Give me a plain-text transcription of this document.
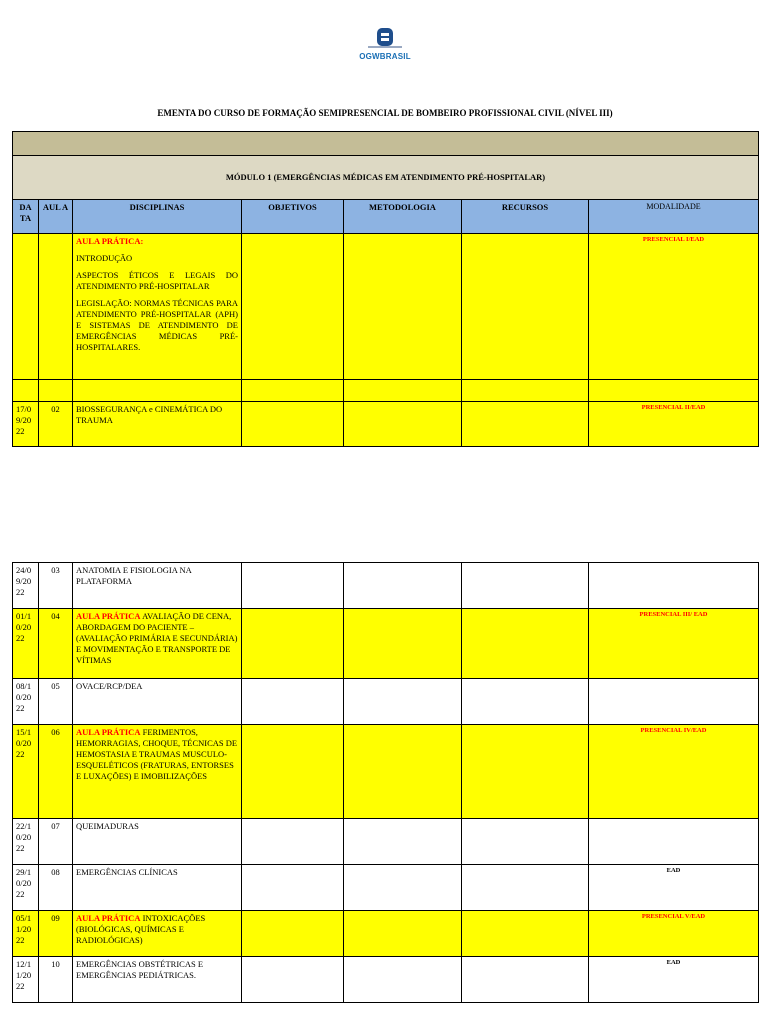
OGWBRASIL
EMENTA DO CURSO DE FORMAÇÃO SEMIPRESENCIAL DE BOMBEIRO PROFISSIONAL CIVIL (NÍVEL III)

MÓDULO 1 (EMERGÊNCIAS MÉDICAS EM ATENDIMENTO PRÉ-HOSPITALAR)						
DA TA	AUL A	DISCIPLINAS	OBJETIVOS	METODOLOGIA	RECURSOS	MODALIDADE

		AULA PRÁTICA:

INTRODUÇÃO

ASPECTOS ÉTICOS E LEGAIS DO ATENDIMENTO PRÉ-HOSPITALAR

LEGISLAÇÃO: NORMAS TÉCNICAS PARA ATENDIMENTO PRÉ-HOSPITALAR (APH) E SISTEMAS DE ATENDIMENTO DE EMERGÊNCIAS MÉDICAS PRÉ-HOSPITALARES.				PRESENCIAL I/EAD

17/0 9/20 22	02	BIOSSEGURANÇA e CINEMÁTICA DO TRAUMA				PRESENCIAL II/EAD
24/0 9/20 22	03	ANATOMIA E FISIOLOGIA NA PLATAFORMA				
01/1 0/20 22	04	AULA PRÁTICA AVALIAÇÃO DE CENA, ABORDAGEM DO PACIENTE – (AVALIAÇÃO PRIMÁRIA E SECUNDÁRIA) E MOVIMENTAÇÃO E TRANSPORTE DE VÍTIMAS				PRESENCIAL III/ EAD
08/1 0/20 22	05	OVACE/RCP/DEA				
15/1 0/20 22	06	AULA PRÁTICA FERIMENTOS, HEMORRAGIAS, CHOQUE, TÉCNICAS DE HEMOSTASIA E TRAUMAS MUSCULO-ESQUELÉTICOS (FRATURAS, ENTORSES E LUXAÇÕES) E IMOBILIZAÇÕES				PRESENCIAL IV/EAD
22/1 0/20 22	07	QUEIMADURAS				
29/1 0/20 22	08	EMERGÊNCIAS CLÍNICAS				EAD
05/1 1/20 22	09	AULA PRÁTICA INTOXICAÇÕES (BIOLÓGICAS, QUÍMICAS E RADIOLÓGICAS)				PRESENCIAL V/EAD
12/1 1/20 22	10	EMERGÊNCIAS OBSTÉTRICAS E EMERGÊNCIAS PEDIÁTRICAS.				EAD
